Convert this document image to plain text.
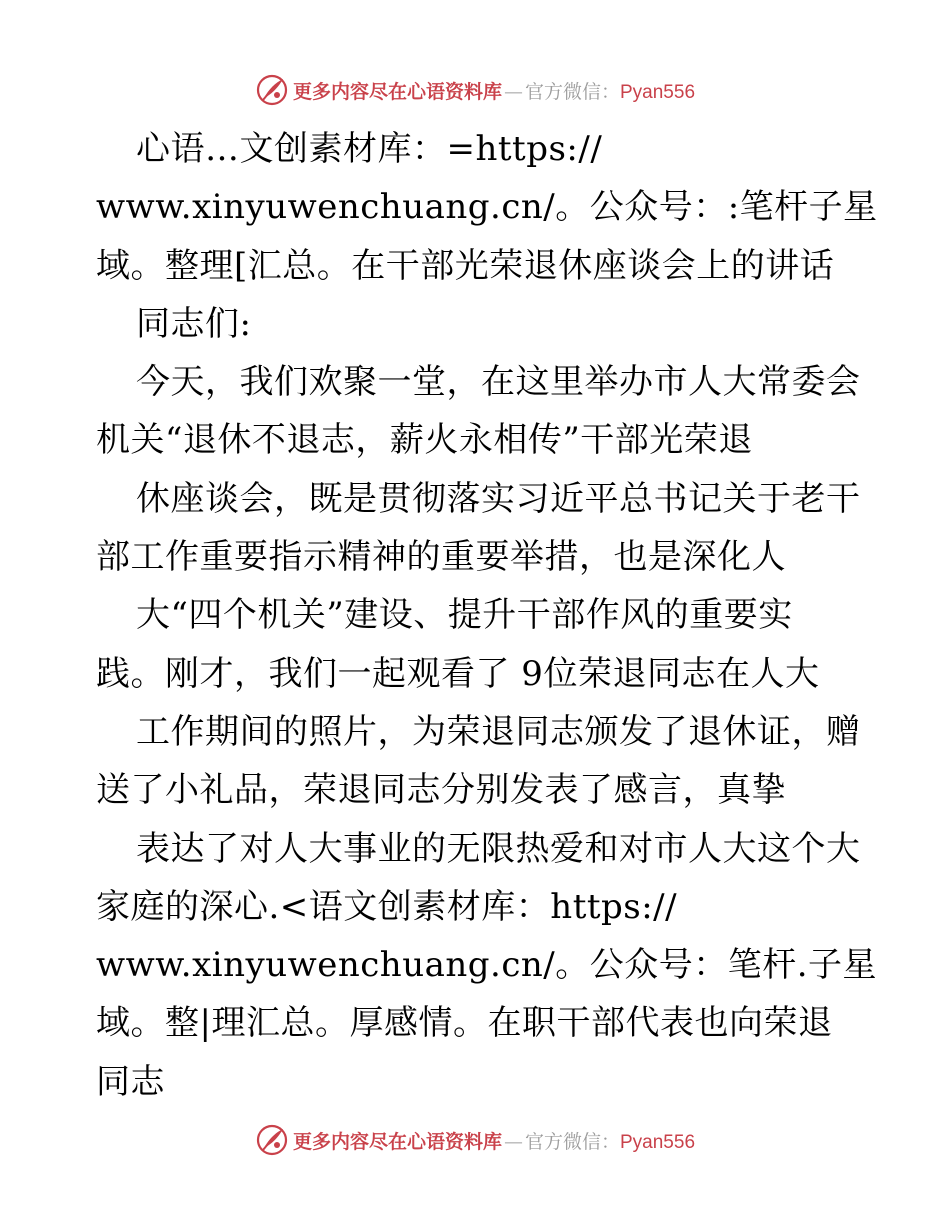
更多内容尽在心语资料库 — 官方微信：Pyan556
心语…文创素材库：=https://
www.xinyuwenchuang.cn/。公众号：:笔杆子星
域。整理[汇总。在干部光荣退休座谈会上的讲话
同志们:
今天，我们欢聚一堂，在这里举办市人大常委会
机关“退休不退志，薪火永相传”干部光荣退
休座谈会，既是贯彻落实习近平总书记关于老干
部工作重要指示精神的重要举措，也是深化人
大“四个机关”建设、提升干部作风的重要实
践。刚才，我们一起观看了 9位荣退同志在人大
工作期间的照片，为荣退同志颁发了退休证，赠
送了小礼品，荣退同志分别发表了感言，真挚
表达了对人大事业的无限热爱和对市人大这个大
家庭的深心.<语文创素材库：https://
www.xinyuwenchuang.cn/。公众号：笔杆.子星
域。整|理汇总。厚感情。在职干部代表也向荣退
同志
更多内容尽在心语资料库 — 官方微信：Pyan556
